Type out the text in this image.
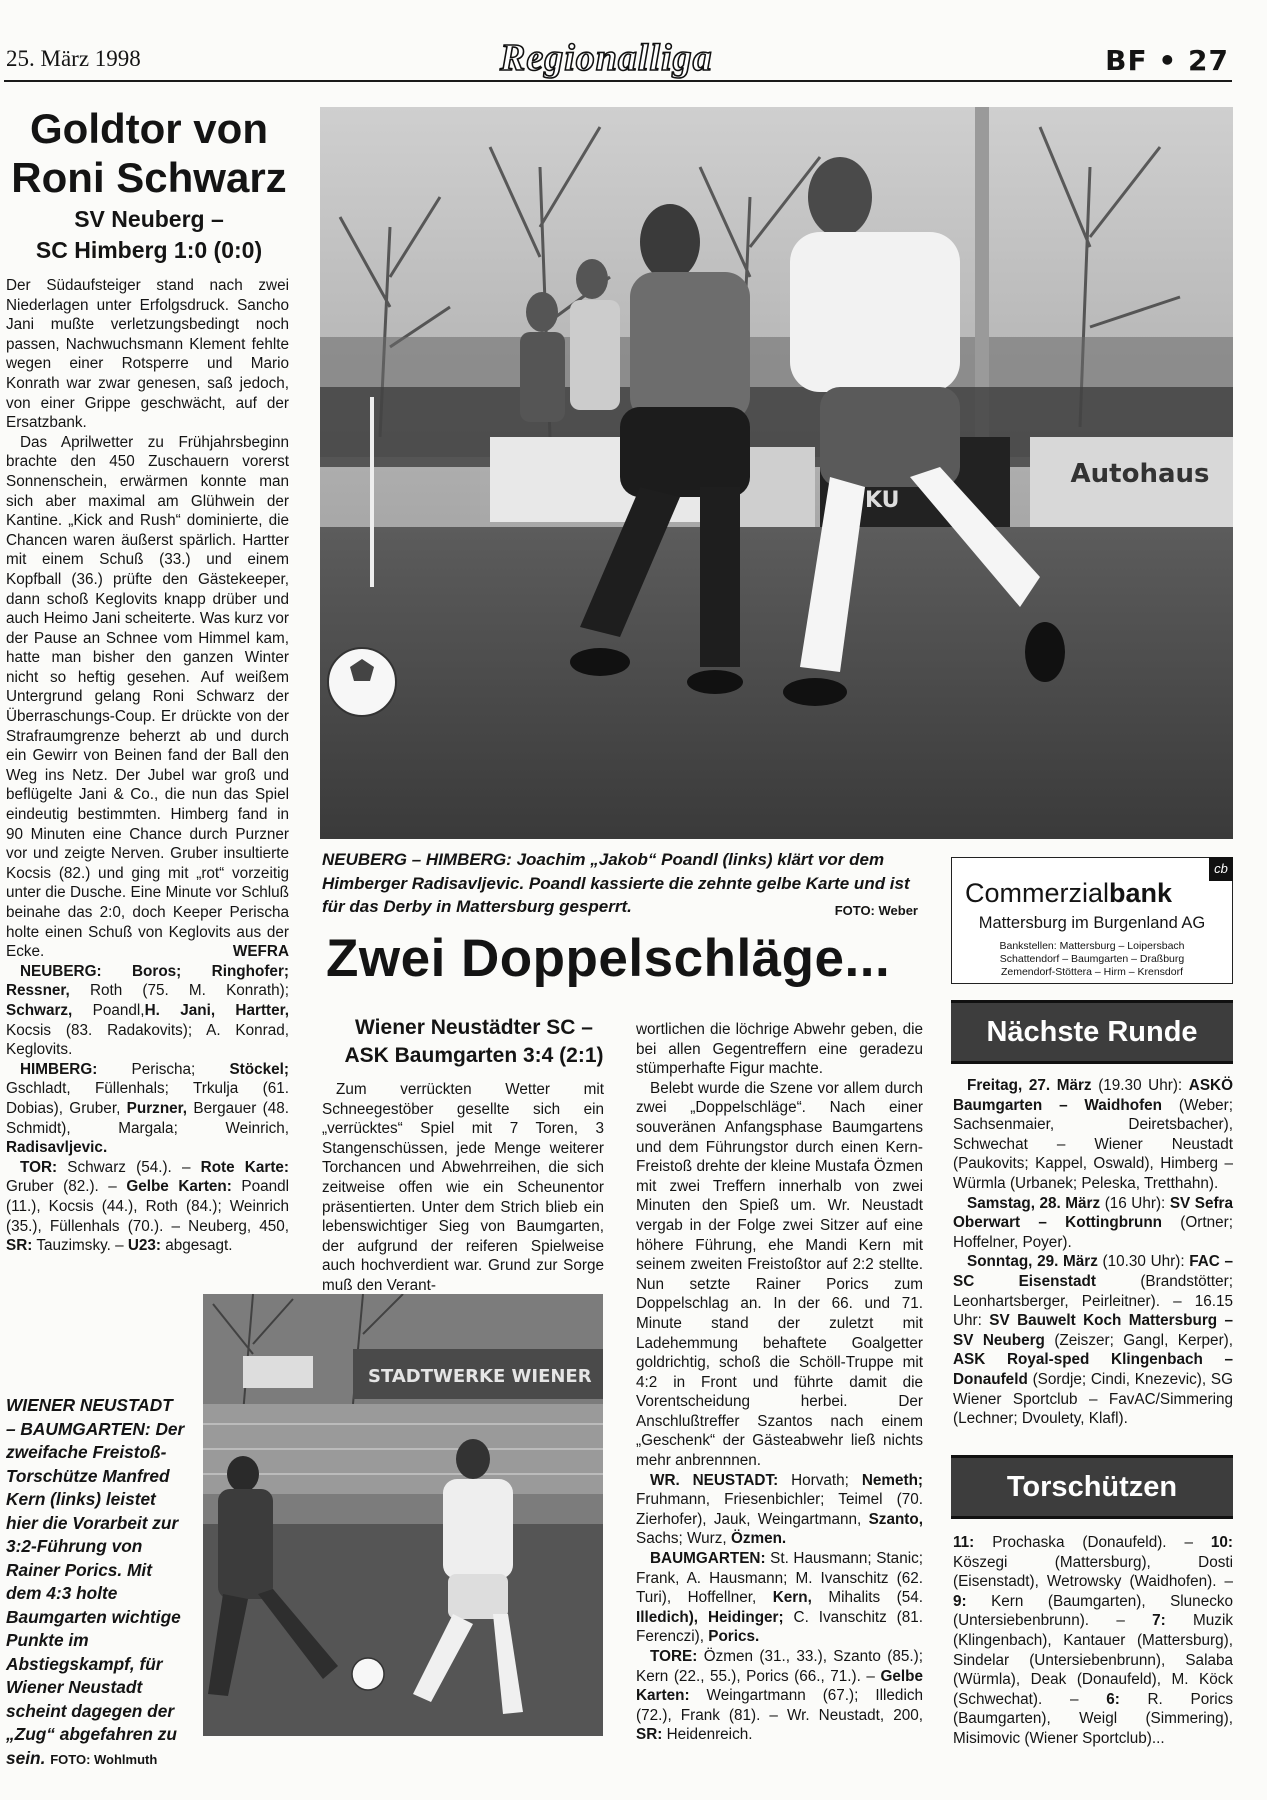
25. März 1998	Regionalliga	BF • 27
Goldtor von
Roni Schwarz
SV Neuberg –
SC Himberg 1:0 (0:0)

Der Südaufsteiger stand nach zwei Niederlagen unter Erfolgsdruck. Sancho Jani mußte verletzungsbedingt noch passen, Nachwuchsmann Klement fehlte wegen einer Rotsperre und Mario Konrath war zwar genesen, saß jedoch, von einer Grippe geschwächt, auf der Ersatzbank.

Das Aprilwetter zu Frühjahrsbeginn brachte den 450 Zuschauern vorerst Sonnenschein, erwärmen konnte man sich aber maximal am Glühwein der Kantine. „Kick and Rush“ dominierte, die Chancen waren äußerst spärlich. Hartter mit einem Schuß (33.) und einem Kopfball (36.) prüfte den Gästekeeper, dann schoß Keglovits knapp drüber und auch Heimo Jani scheiterte. Was kurz vor der Pause an Schnee vom Himmel kam, hatte man bisher den ganzen Winter nicht so heftig gesehen. Auf weißem Untergrund gelang Roni Schwarz der Überraschungs-Coup. Er drückte von der Strafraumgrenze beherzt ab und durch ein Gewirr von Beinen fand der Ball den Weg ins Netz. Der Jubel war groß und beflügelte Jani & Co., die nun das Spiel eindeutig bestimmten. Himberg fand in 90 Minuten eine Chance durch Purzner vor und zeigte Nerven. Gruber insultierte Kocsis (82.) und ging mit „rot“ vorzeitig unter die Dusche. Eine Minute vor Schluß beinahe das 2:0, doch Keeper Perischa holte einen Schuß von Keglovits aus der Ecke.	WEFRA

NEUBERG: Boros; Ringhofer; Ressner, Roth (75. M. Konrath); Schwarz, Poandl,H. Jani, Hartter, Kocsis (83. Radakovits); A. Konrad, Keglovits.

HIMBERG: Perischa; Stöckel; Gschladt, Füllenhals; Trkulja (61. Dobias), Gruber, Purzner, Bergauer (48. Schmidt), Margala; Weinrich, Radisavljevic.

TOR: Schwarz (54.). – Rote Karte: Gruber (82.). – Gelbe Karten: Poandl (11.), Kocsis (44.), Roth (84.); Weinrich (35.), Füllenhals (70.). – Neuberg, 450, SR: Tauzimsky. – U23: abgesagt.

Autohaus
KU
NEUBERG – HIMBERG: Joachim „Jakob“ Poandl (links) klärt vor dem Himberger Radisavljevic. Poandl kassierte die zehnte gelbe Karte und ist für das Derby in Mattersburg gesperrt.	FOTO: Weber
cb
Commerzialbank
Mattersburg im Burgenland AG
Bankstellen: Mattersburg – Loipersbach
Schattendorf – Baumgarten – Draßburg
Zemendorf-Stöttera – Hirm – Krensdorf
Zwei Doppelschläge...
Wiener Neustädter SC –
ASK Baumgarten 3:4 (2:1)

Zum verrückten Wetter mit Schneegestöber gesellte sich ein „verrücktes“ Spiel mit 7 Toren, 3 Stangenschüssen, jede Menge weiterer Torchancen und Abwehrreihen, die sich zeitweise offen wie ein Scheunentor präsentierten. Unter dem Strich blieb ein lebenswichtiger Sieg von Baumgarten, der aufgrund der reiferen Spielweise auch hochverdient war. Grund zur Sorge muß den Verant-

wortlichen die löchrige Abwehr geben, die bei allen Gegentreffern eine geradezu stümperhafte Figur machte.

Belebt wurde die Szene vor allem durch zwei „Doppelschläge“. Nach einer souveränen Anfangsphase Baumgartens und dem Führungstor durch einen Kern-Freistoß drehte der kleine Mustafa Özmen mit zwei Treffern innerhalb von zwei Minuten den Spieß um. Wr. Neustadt vergab in der Folge zwei Sitzer auf eine höhere Führung, ehe Mandi Kern mit seinem zweiten Freistoßtor auf 2:2 stellte. Nun setzte Rainer Porics zum Doppelschlag an. In der 66. und 71. Minute stand der zuletzt mit Ladehemmung behaftete Goalgetter goldrichtig, schoß die Schöll-Truppe mit 4:2 in Front und führte damit die Vorentscheidung herbei. Der Anschlußtreffer Szantos nach einem „Geschenk“ der Gästeabwehr ließ nichts mehr anbrennnen.

WR. NEUSTADT: Horvath; Nemeth; Fruhmann, Friesenbichler; Teimel (70. Zierhofer), Jauk, Weingartmann, Szanto, Sachs; Wurz, Özmen.

BAUMGARTEN: St. Hausmann; Stanic; Frank, A. Hausmann; M. Ivanschitz (62. Turi), Hoffellner, Kern, Mihalits (54. Illedich), Heidinger; C. Ivanschitz (81. Ferenczi), Porics.

TORE: Özmen (31., 33.), Szanto (85.); Kern (22., 55.), Porics (66., 71.). – Gelbe Karten: Weingartmann (67.); Illedich (72.), Frank (81). – Wr. Neustadt, 200, SR: Heidenreich.

STADTWERKE WIENER
WIENER NEUSTADT – BAUMGARTEN: Der zweifache Freistoß-Torschütze Manfred Kern (links) leistet hier die Vorarbeit zur 3:2-Führung von Rainer Porics. Mit dem 4:3 holte Baumgarten wichtige Punkte im Abstiegskampf, für Wiener Neustadt scheint dagegen der „Zug“ abgefahren zu sein. FOTO: Wohlmuth
Nächste Runde

Freitag, 27. März (19.30 Uhr): ASKÖ Baumgarten – Waidhofen (Weber; Sachsenmaier, Deiretsbacher), Schwechat – Wiener Neustadt (Paukovits; Kappel, Oswald), Himberg – Würmla (Urbanek; Peleska, Tretthahn).

Samstag, 28. März (16 Uhr): SV Sefra Oberwart – Kottingbrunn (Ortner; Hoffelner, Poyer).

Sonntag, 29. März (10.30 Uhr): FAC – SC Eisenstadt	(Brandstötter; Leonhartsberger, Peirleitner). – 16.15 Uhr: SV Bauwelt Koch Mattersburg – SV Neuberg (Zeiszer; Gangl, Kerper), ASK Royal-sped Klingenbach – Donaufeld (Sordje; Cindi, Knezevic), SG Wiener Sportclub – FavAC/Simmering (Lechner; Dvoulety, Klafl).

Torschützen

11: Prochaska (Donaufeld). – 10: Köszegi (Mattersburg), Dosti (Eisenstadt), Wetrowsky (Waidhofen). – 9: Kern (Baumgarten), Slunecko (Untersiebenbrunn). – 7: Muzik (Klingenbach), Kantauer (Mattersburg), Sindelar (Untersiebenbrunn), Salaba (Würmla), Deak (Donaufeld), M. Köck (Schwechat). – 6: R. Porics (Baumgarten), Weigl (Simmering), Misimovic (Wiener Sportclub)...
